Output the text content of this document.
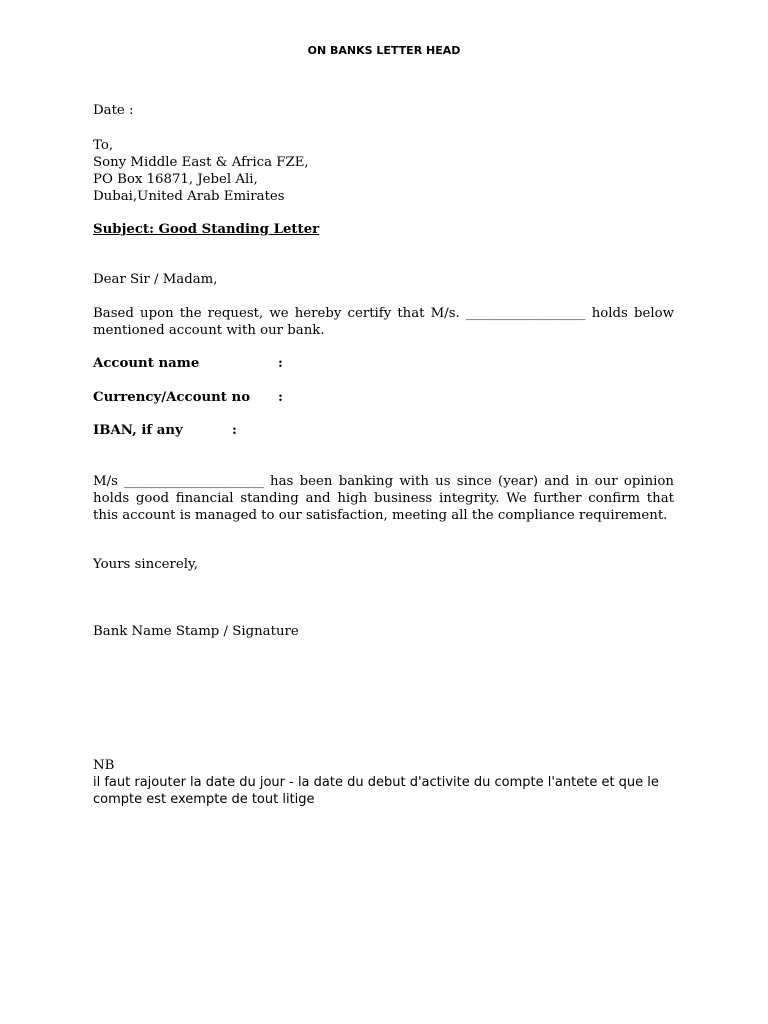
ON BANKS LETTER HEAD
Date :
To,
Sony Middle East & Africa FZE,
PO Box 16871, Jebel Ali,
Dubai,United Arab Emirates
Subject: Good Standing Letter
Dear Sir / Madam,
Based upon the request, we hereby certify that M/s. __________________ holds below mentioned account with our bank.
Account name	:
Currency/Account no :
IBAN, if any	:
M/s _____________________ has been banking with us since (year) and in our opinion holds good financial standing and high business integrity. We further confirm that this account is managed to our satisfaction, meeting all the compliance requirement.
Yours sincerely,
Bank Name Stamp / Signature
NB
il faut rajouter la date du jour - la date du debut d'activite du compte l'antete et que le compte est exempte de tout litige
